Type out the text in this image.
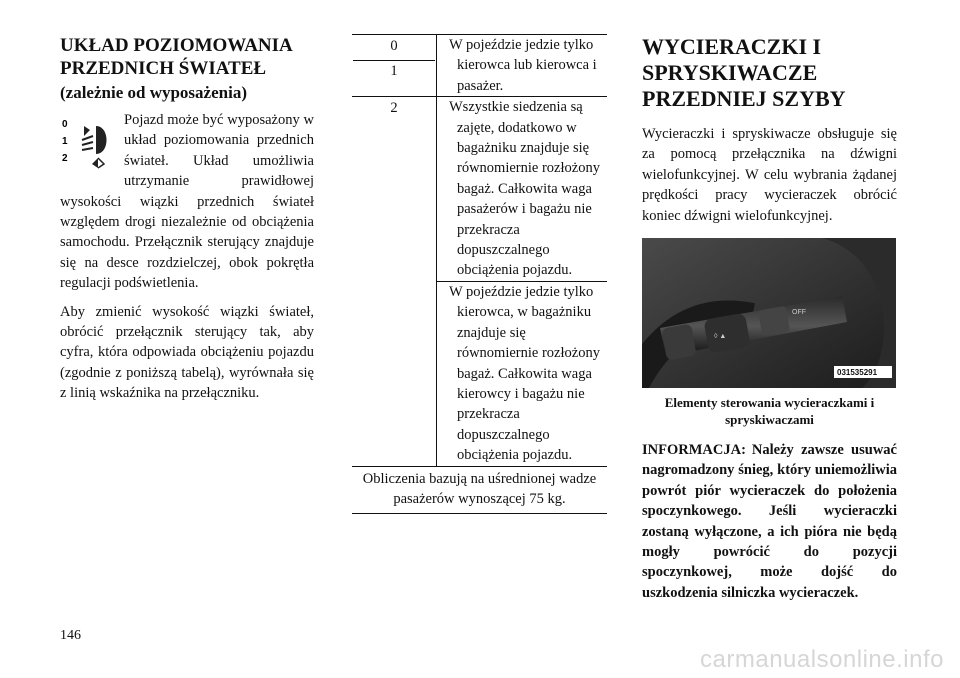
UKŁAD POZIOMOWANIA
PRZEDNICH ŚWIATEŁ
(zależnie od wyposażenia)
0
1
2

Pojazd może być wyposażony w układ poziomowania przednich świateł. Układ umożliwia utrzymanie prawidłowej wysokości wiązki przednich świateł względem drogi niezależnie od obciążenia samochodu. Przełącznik sterujący znajduje się na desce rozdzielczej, obok pokrętła regulacji podświetlenia.

Aby zmienić wysokość wiązki świateł, obrócić przełącznik sterujący tak, aby cyfra, która odpowiada obciążeniu pojazdu (zgodnie z poniższą tabelą), wyrównała się z linią wskaźnika na przełączniku.

0
1	W pojeździe jedzie tylko kierowca lub kierowca i pasażer.

2	Wszystkie siedzenia są zajęte, dodatkowo w bagażniku znajduje się równomiernie rozłożony bagaż. Całkowita waga pasażerów i bagażu nie przekracza dopuszczalnego obciążenia pojazdu.

	W pojeździe jedzie tylko kierowca, w bagażniku znajduje się równomiernie rozłożony bagaż. Całkowita waga kierowcy i bagażu nie przekracza dopuszczalnego obciążenia pojazdu.

Obliczenia bazują na uśrednionej wadze pasażerów wynoszącej 75 kg.	
WYCIERACZKI I
SPRYSKIWACZE
PRZEDNIEJ SZYBY

Wycieraczki i spryskiwacze obsługuje się za pomocą przełącznika na dźwigni wielofunkcyjnej. W celu wybrania żądanej prędkości pracy wycieraczek obrócić koniec dźwigni wielofunkcyjnej.

◊ ▲
OFF
031535291
Elementy sterowania wycieraczkami i spryskiwaczami

INFORMACJA: Należy zawsze usuwać nagromadzony śnieg, który uniemożliwia powrót piór wycieraczek do położenia spoczynkowego. Jeśli wycieraczki zostaną wyłączone, a ich pióra nie będą mogły powrócić do pozycji spoczynkowej, może dojść do uszkodzenia silniczka wycieraczek.

146
carmanualsonline.info
